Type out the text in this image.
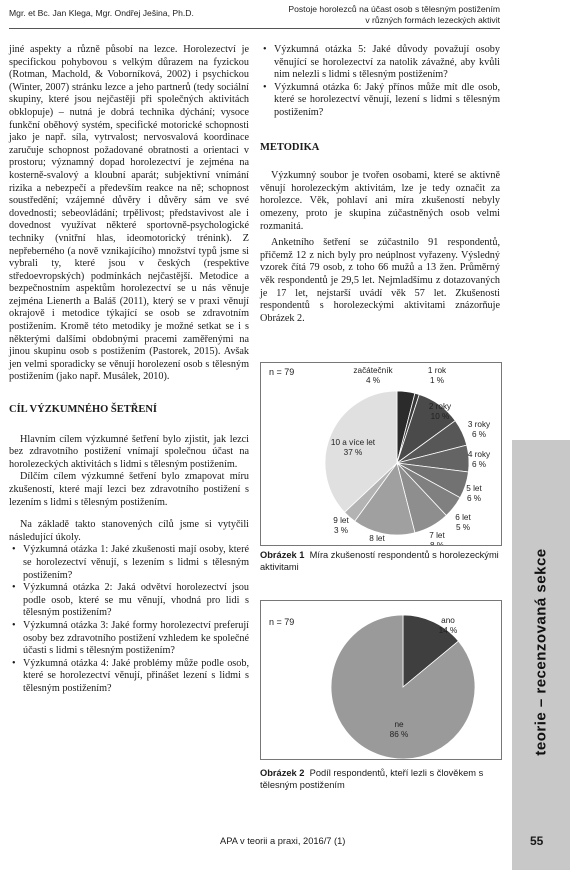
Mgr. et Bc. Jan Klega, Mgr. Ondřej Ješina, Ph.D.	Postoje horolezců na účast osob s tělesným postižením
v různých formách lezeckých aktivit

jiné aspekty a různě působí na lezce. Horolezectví je specifickou pohybovou s velkým důrazem na fyzickou (Rotman, Machold, & Voborníková, 2002) i psychickou (Winter, 2007) stránku lezce a jeho partnerů (tedy sociální skupiny, které jsou nejčastěji při společných aktivitách obklopuje) – nutná je dobrá technika dýchání; vysoce funkční oběhový systém, specifické motorické schopnosti jako je např. síla, vytrvalost; nervosvalová koordinace zaručuje schopnost požadované obratnosti a orientaci v prostoru; významný dopad horolezectví je zejména na kosterně-svalový a kloubní aparát; subjektivní vnímání rizika a nebezpečí a především reakce na ně; schopnost soustředění; vzájemné důvěry i důvěry sám ve své dovednosti; sebeovládání; trpělivost; představivost ale i dovednost využívat některé sportovně-psychologické techniky (vnitřní hlas, ideomotorický trénink). Z nepřeberného (a nově vznikajícího) množství typů jsme si vybrali ty, které jsou v českých (respektive středoevropských) podmínkách nejčastější. Metodice a bezpečnostním aspektům horolezectví se u nás věnuje zejména Lienerth a Baláš (2011), který se v praxi věnují okrajově i metodice týkající se osob se zdravotním postižením. Kromě této metodiky je možné setkat se i s některými dalšími obdobnými pracemi zaměřenými na jinou skupinu osob s postižením (Pastorek, 2015). Avšak jen velmi sporadicky se věnují horolezení osob s tělesným postižením (jako např. Musálek, 2010).

CÍL VÝZKUMNÉHO ŠETŘENÍ

Hlavním cílem výzkumné šetření bylo zjistit, jak lezci bez zdravotního postižení vnímají společnou účast na horolezeckých aktivitách s lidmi s tělesným postižením.

Dílčím cílem výzkumné šetření bylo zmapovat míru zkušeností, které mají lezci bez zdravotního postižení s lezením s lidmi s tělesným postižením.

Na základě takto stanovených cílů jsme si vytyčili následující úkoly.

• Výzkumná otázka 1: Jaké zkušenosti mají osoby, které se horolezectví věnují, s lezením s lidmi s tělesným postižením?
• Výzkumná otázka 2: Jaká odvětví horolezectví jsou podle osob, které se mu věnují, vhodná pro lidi s tělesným postižením?
• Výzkumná otázka 3: Jaké formy horolezectví preferují osoby bez zdravotního postižení vzhledem ke společné účasti s lidmi s tělesným postižením?
• Výzkumná otázka 4: Jaké problémy může podle osob, které se horolezectví věnují, přinášet lezení s lidmi s tělesným postižením?
• Výzkumná otázka 5: Jaké důvody považují osoby věnující se horolezectví za natolik závažné, aby kvůli nim nelezli s lidmi s tělesným postižením?
• Výzkumná otázka 6: Jaký přínos může mít dle osob, které se horolezectví věnují, lezení s lidmi s tělesným postižením?

METODIKA

Výzkumný soubor je tvořen osobami, které se aktivně věnují horolezeckým aktivitám, lze je tedy označit za horolezce. Věk, pohlaví ani míra zkušeností nebyly omezeny, proto je skupina zúčastněných osob velmi rozmanitá.

Anketního šetření se zúčastnilo 91 respondentů, přičemž 12 z nich byly pro neúplnost vyřazeny. Výsledný vzorek čítá 79 osob, z toho 66 mužů a 13 žen. Průměrný věk respondentů je 29,5 let. Nejmladšímu z dotazovaných je 17 let, nejstarší uvádí věk 57 let. Zkušenosti respondentů s horolezeckými aktivitami znázorňuje Obrázek 2.

n = 79	začátečník
4 %
1 rok
1 %
2 roky
10 %
3 roky
6 %
4 roky
6 %
5 let
6 %
6 let
5 %
7 let
8 let
9 let
3 %
10 a více let
37 %
Obrázek 1 Míra zkušeností respondentů s horolezeckými aktivitami
n = 79	ano
14 %
ne
86 %
Obrázek 2 Podíl respondentů, kteří lezli s člověkem s tělesným postižením
teorie – recenzovaná sekce
APA v teorii a praxi, 2016/7 (1)	55
